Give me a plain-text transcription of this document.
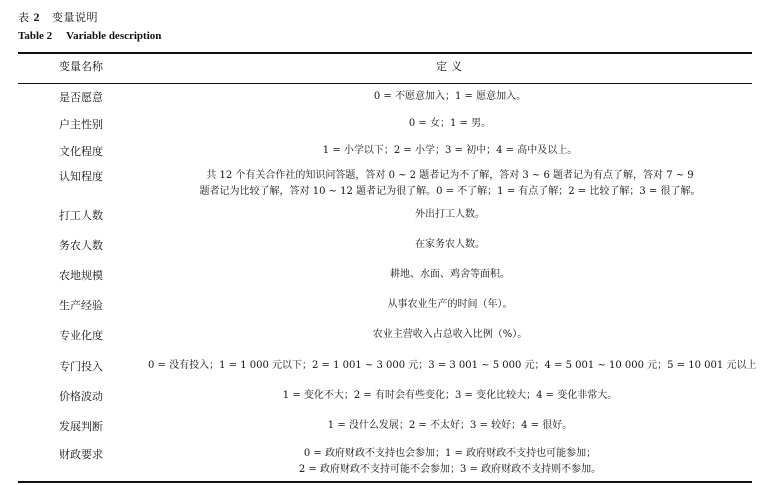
表 2 变量说明
Table 2 Variable description
变量名称	定义
是否愿意	0 = 不愿意加入；1 = 愿意加入。
户主性别	0 = 女；1 = 男。
文化程度	1 = 小学以下；2 = 小学；3 = 初中；4 = 高中及以上。
认知程度	共 12 个有关合作社的知识问答题，答对 0 ~ 2 题者记为不了解，答对 3 ~ 6 题者记为有点了解，答对 7 ~ 9
题者记为比较了解，答对 10 ~ 12 题者记为很了解。0 = 不了解；1 = 有点了解；2 = 比较了解；3 = 很了解。
打工人数	外出打工人数。
务农人数	在家务农人数。
农地规模	耕地、水面、鸡舍等面积。
生产经验	从事农业生产的时间（年）。
专业化度	农业主营收入占总收入比例（%）。
专门投入	0 = 没有投入；1 = 1 000 元以下；2 = 1 001 ~ 3 000 元；3 = 3 001 ~ 5 000 元；4 = 5 001 ~ 10 000 元；5 = 10 001 元以上
价格波动	1 = 变化不大；2 = 有时会有些变化；3 = 变化比较大；4 = 变化非常大。
发展判断	1 = 没什么发展；2 = 不太好；3 = 较好；4 = 很好。
财政要求	0 = 政府财政不支持也会参加；1 = 政府财政不支持也可能参加；
2 = 政府财政不支持可能不会参加；3 = 政府财政不支持则不参加。
